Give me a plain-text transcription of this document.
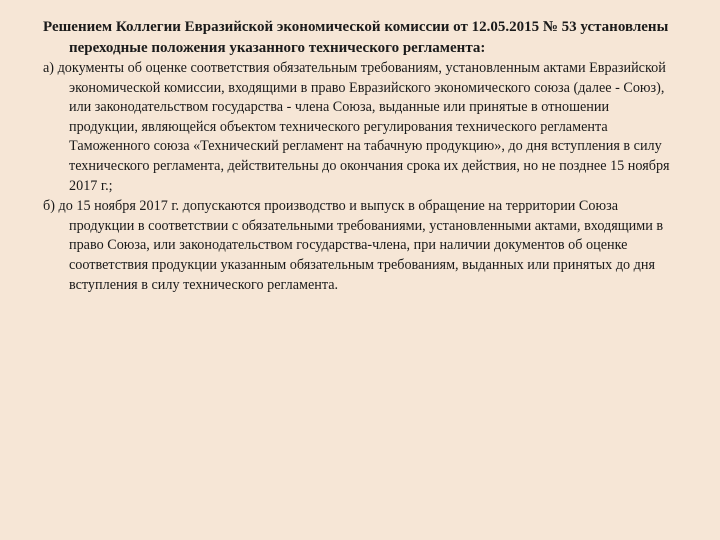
Решением Коллегии Евразийской экономической комиссии от 12.05.2015 № 53 установлены переходные положения указанного технического регламента:

а) документы об оценке соответствия обязательным требованиям, установленным актами Евразийской экономической комиссии, входящими в право Евразийского экономического союза (далее - Союз), или законодательством государства - члена Союза, выданные или принятые в отношении продукции, являющейся объектом технического регулирования технического регламента Таможенного союза «Технический регламент на табачную продукцию», до дня вступления в силу технического регламента, действительны до окончания срока их действия, но не позднее 15 ноября 2017 г.;

б) до 15 ноября 2017 г. допускаются производство и выпуск в обращение на территории Союза продукции в соответствии с обязательными требованиями, установленными актами, входящими в право Союза, или законодательством государства-члена, при наличии документов об оценке соответствия продукции указанным обязательным требованиям, выданных или принятых до дня вступления в силу технического регламента.
